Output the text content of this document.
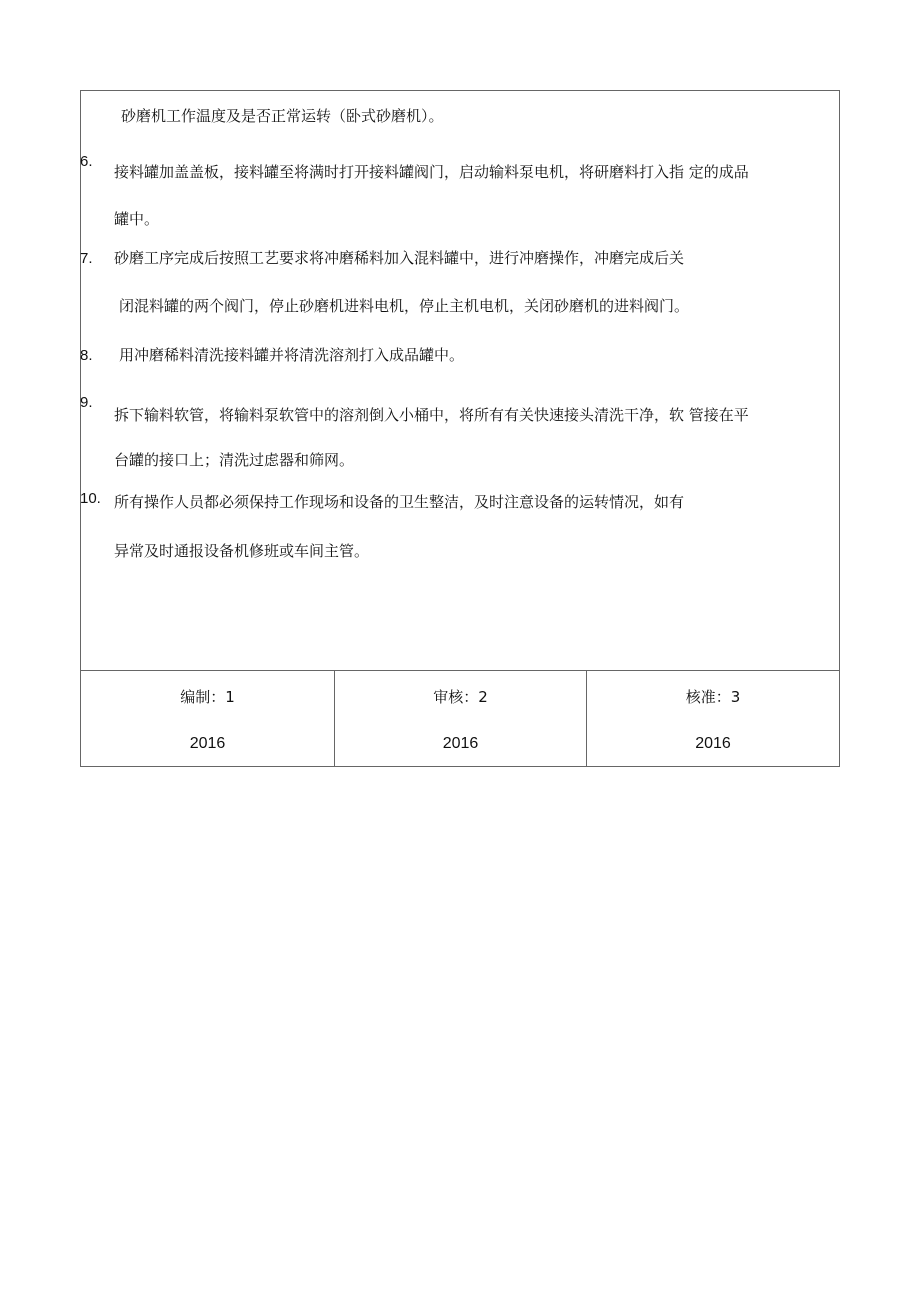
砂磨机工作温度及是否正常运转（卧式砂磨机）。
6.
接料罐加盖盖板，接料罐至将满时打开接料罐阀门，启动输料泵电机，将研磨料打入指 定的成品
罐中。
7. 砂磨工序完成后按照工艺要求将冲磨稀料加入混料罐中，进行冲磨操作，冲磨完成后关
闭混料罐的两个阀门，停止砂磨机进料电机，停止主机电机，关闭砂磨机的进料阀门。
8. 用冲磨稀料清洗接料罐并将清洗溶剂打入成品罐中。
9.
拆下输料软管，将输料泵软管中的溶剂倒入小桶中，将所有有关快速接头清洗干净，软 管接在平
台罐的接口上；清洗过虑器和筛网。
10. 所有操作人员都必须保持工作现场和设备的卫生整洁，及时注意设备的运转情况，如有
异常及时通报设备机修班或车间主管。
编制：1
2016
审核：2
2016
核准：3
2016
